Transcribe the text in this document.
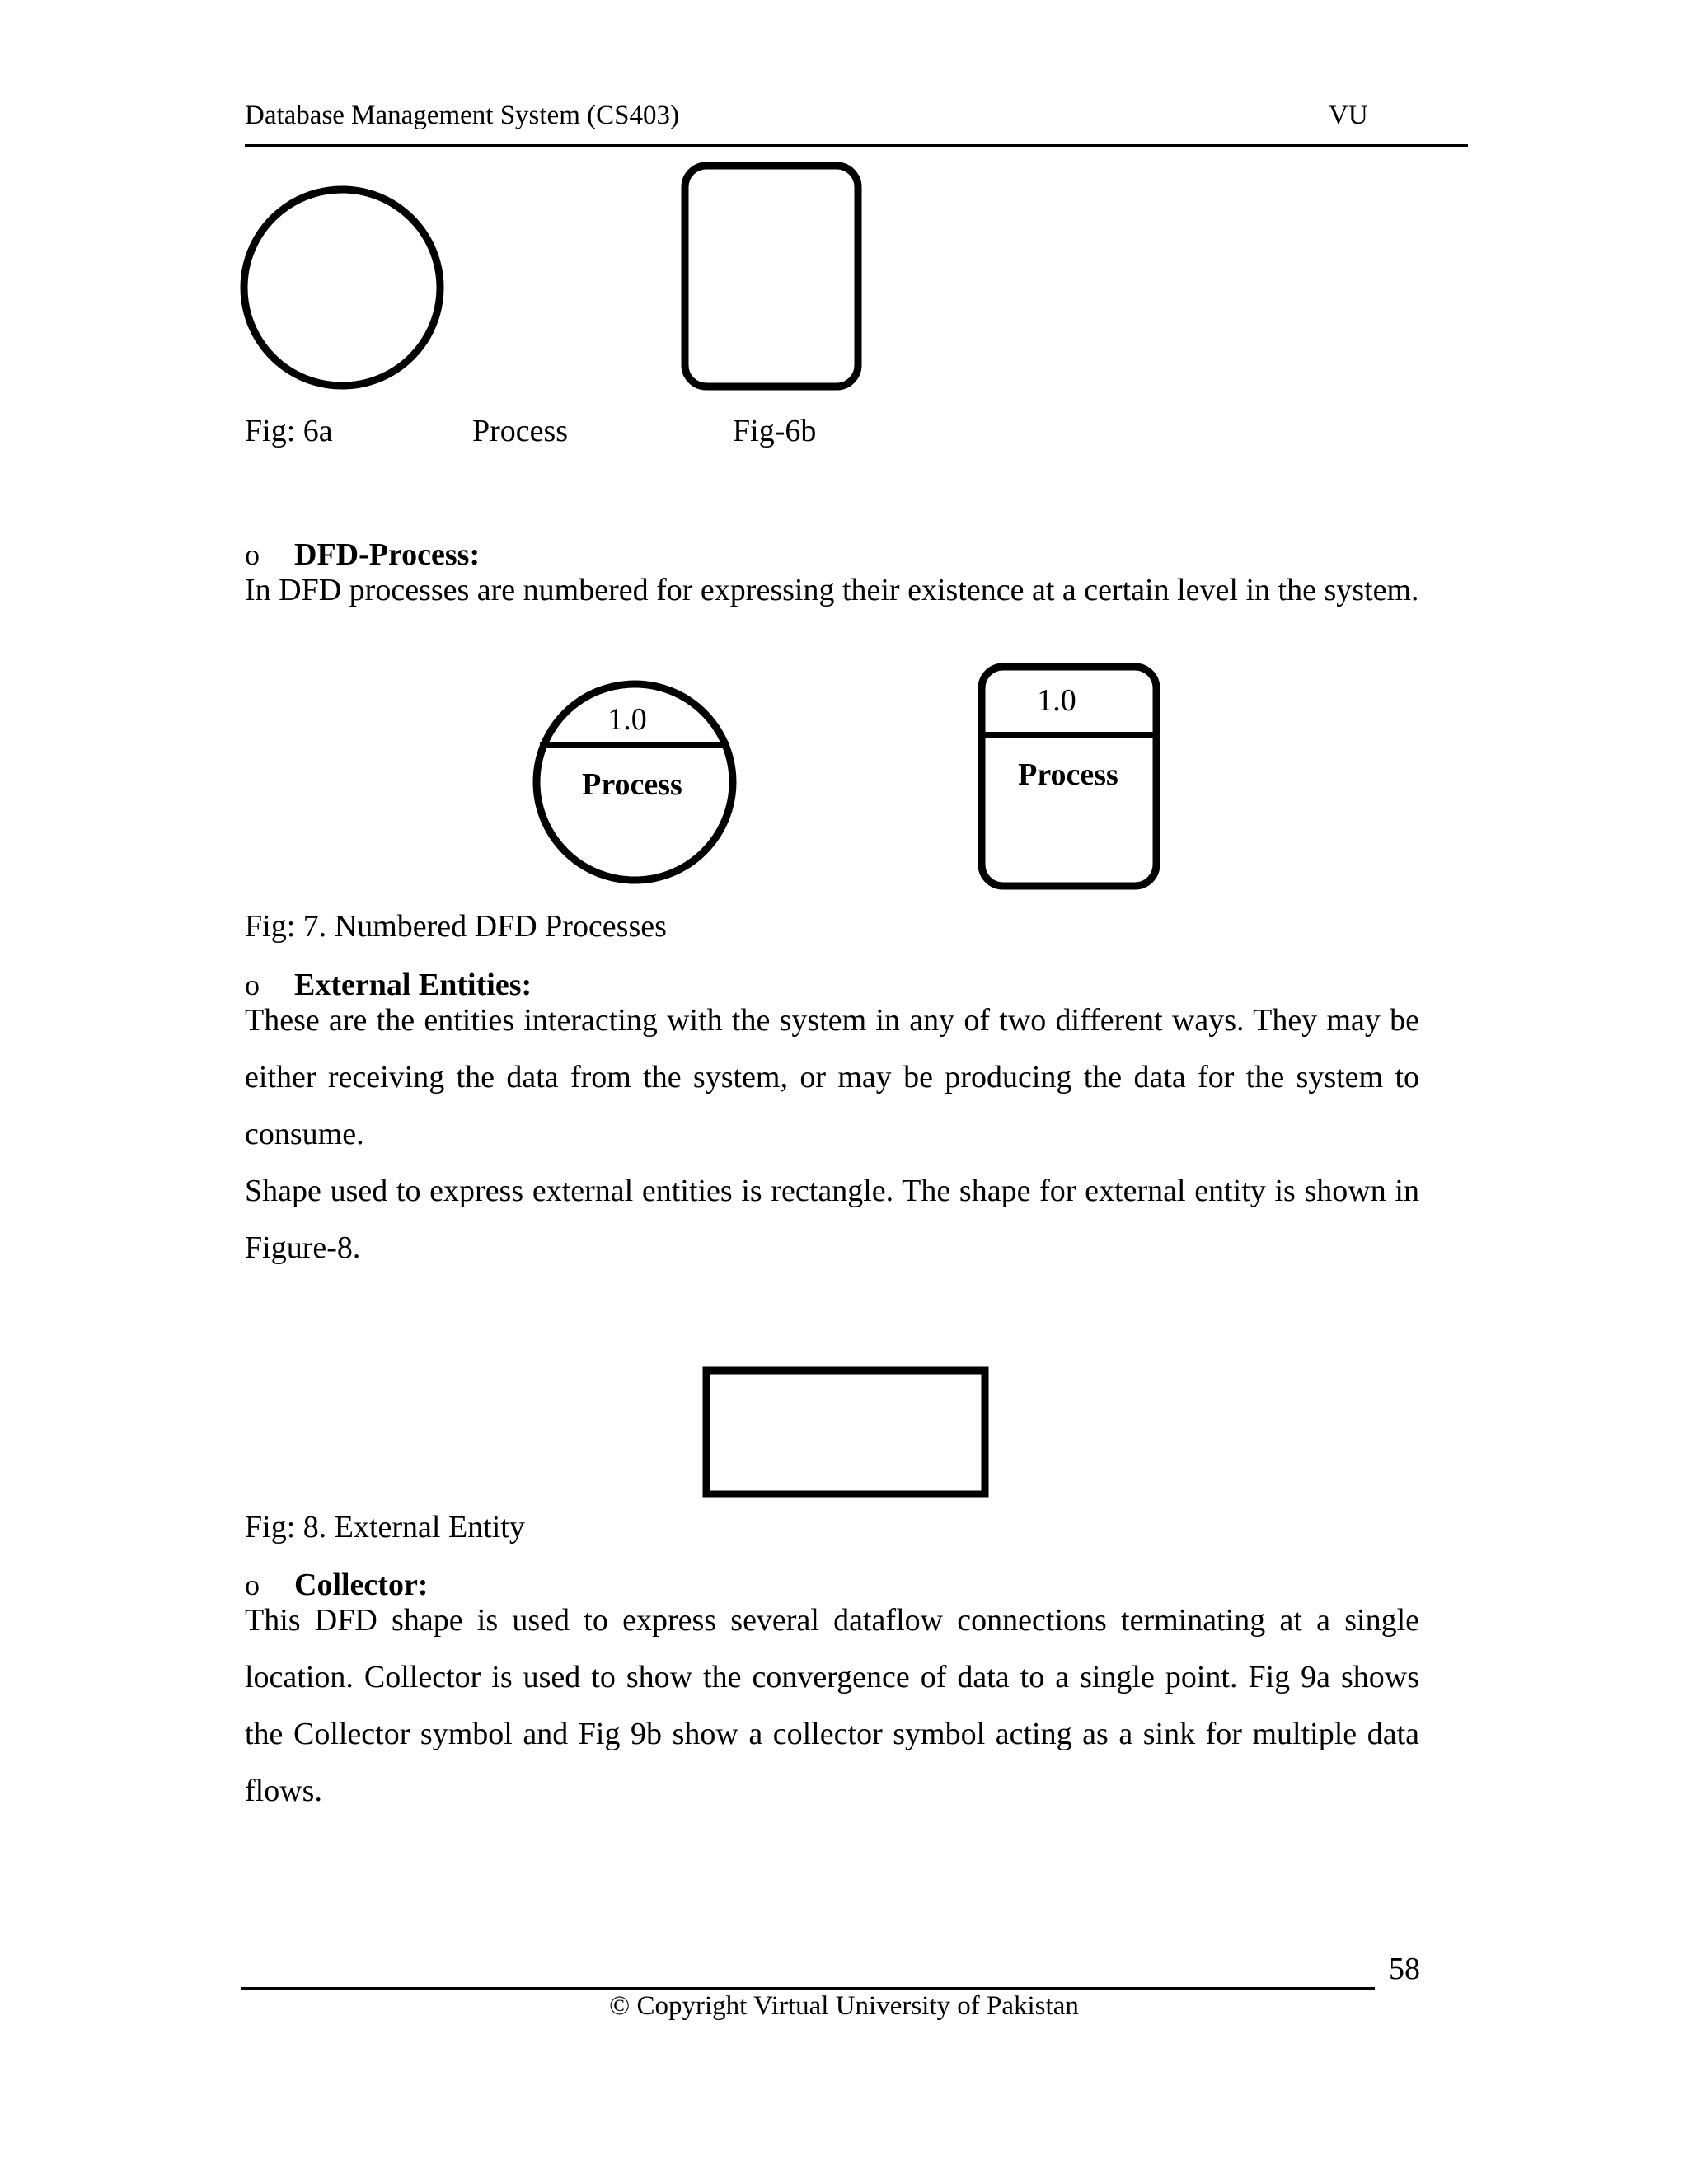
Database Management System (CS403)	VU
Fig: 6a	Process	Fig-6b
o DFD-Process:

In DFD processes are numbered for expressing their existence at a certain level in the system.

1.0
Process
1.0
Process
Fig: 7. Numbered DFD Processes
o External Entities:

These are the entities interacting with the system in any of two different ways. They may be either receiving the data from the system, or may be producing the data for the system to consume.

Shape used to express external entities is rectangle. The shape for external entity is shown in Figure-8.

Fig: 8. External Entity
o Collector:

This DFD shape is used to express several dataflow connections terminating at a single location. Collector is used to show the convergence of data to a single point. Fig 9a shows the Collector symbol and Fig 9b show a collector symbol acting as a sink for multiple data flows.

58
© Copyright Virtual University of Pakistan
